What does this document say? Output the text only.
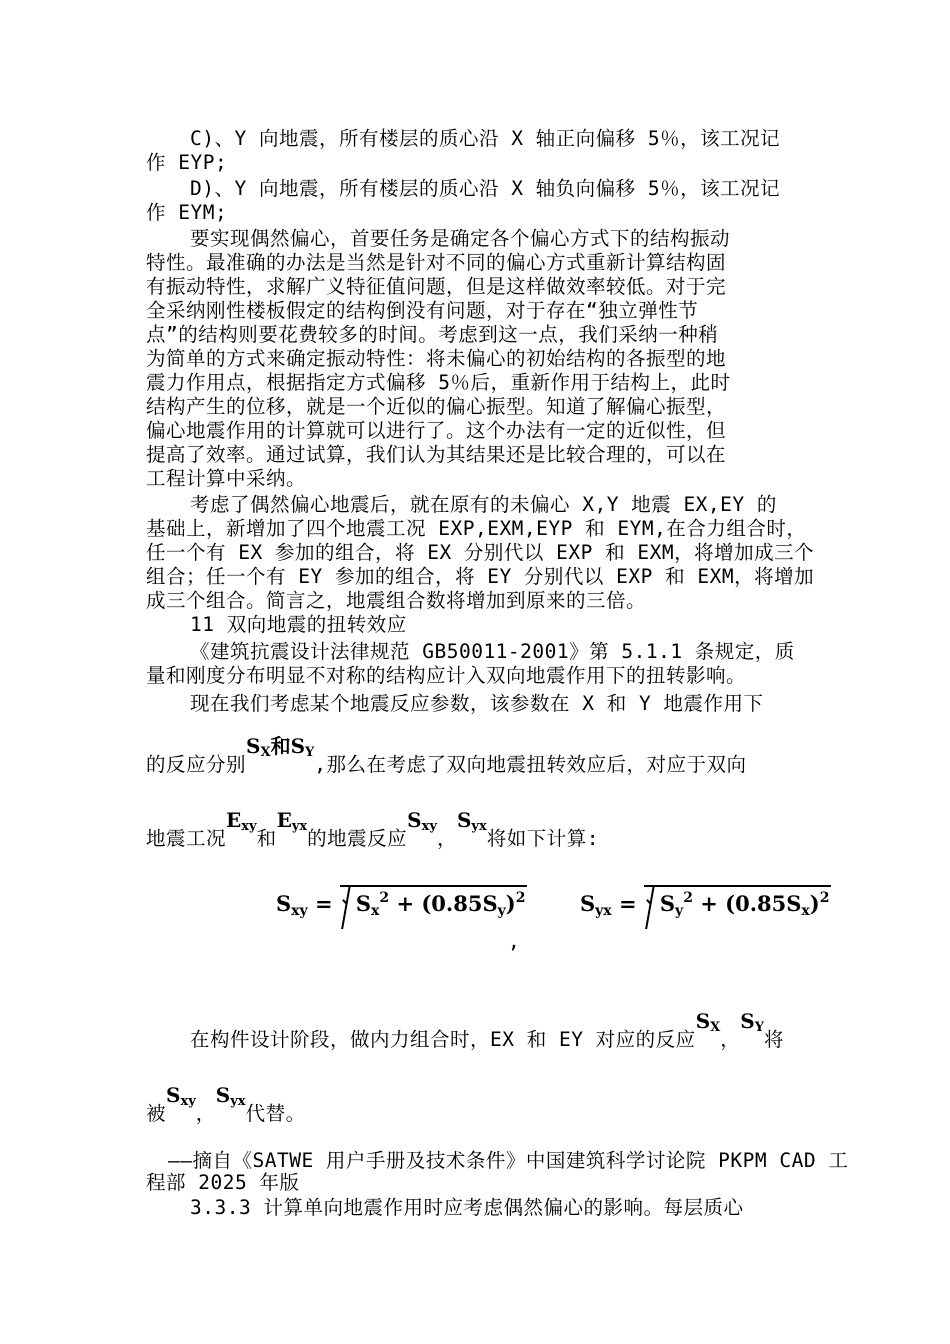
C)、Y 向地震，所有楼层的质心沿 X 轴正向偏移 5％，该工况记
作 EYP;
D)、Y 向地震，所有楼层的质心沿 X 轴负向偏移 5％，该工况记
作 EYM;
要实现偶然偏心，首要任务是确定各个偏心方式下的结构振动
特性。最准确的办法是当然是针对不同的偏心方式重新计算结构固
有振动特性，求解广义特征值问题，但是这样做效率较低。对于完
全采纳刚性楼板假定的结构倒没有问题，对于存在“独立弹性节
点”的结构则要花费较多的时间。考虑到这一点，我们采纳一种稍
为简单的方式来确定振动特性：将未偏心的初始结构的各振型的地
震力作用点，根据指定方式偏移 5％后，重新作用于结构上，此时
结构产生的位移，就是一个近似的偏心振型。知道了解偏心振型，
偏心地震作用的计算就可以进行了。这个办法有一定的近似性，但
提高了效率。通过试算，我们认为其结果还是比较合理的，可以在
工程计算中采纳。
考虑了偶然偏心地震后，就在原有的未偏心 X,Y 地震 EX,EY 的
基础上，新增加了四个地震工况 EXP,EXM,EYP 和 EYM,在合力组合时，
任一个有 EX 参加的组合，将 EX 分别代以 EXP 和 EXM，将增加成三个
组合；任一个有 EY 参加的组合，将 EY 分别代以 EXP 和 EXM，将增加
成三个组合。简言之，地震组合数将增加到原来的三倍。
11 双向地震的扭转效应
《建筑抗震设计法律规范 GB50011-2001》第 5.1.1 条规定，质
量和刚度分布明显不对称的结构应计入双向地震作用下的扭转影响。
现在我们考虑某个地震反应参数，该参数在 X 和 Y 地震作用下
的反应分别$S_X$和$S_Y$,那么在考虑了双向地震扭转效应后，对应于双向
地震工况$E_{xy}$和$E_{yx}$的地震反应$S_{xy}$，$S_{yx}$将如下计算:
$S_{xy} = S_x^2 + (0.85S_y)^2$
,
$S_{yx} = S_y^2 + (0.85S_x)^2$
在构件设计阶段，做内力组合时，EX 和 EY 对应的反应$S_X$，$S_Y$将
被$S_{xy}$，$S_{yx}$代替。
——摘自《SATWE 用户手册及技术条件》中国建筑科学讨论院 PKPM CAD 工
程部 2025 年版
3.3.3 计算单向地震作用时应考虑偶然偏心的影响。每层质心
